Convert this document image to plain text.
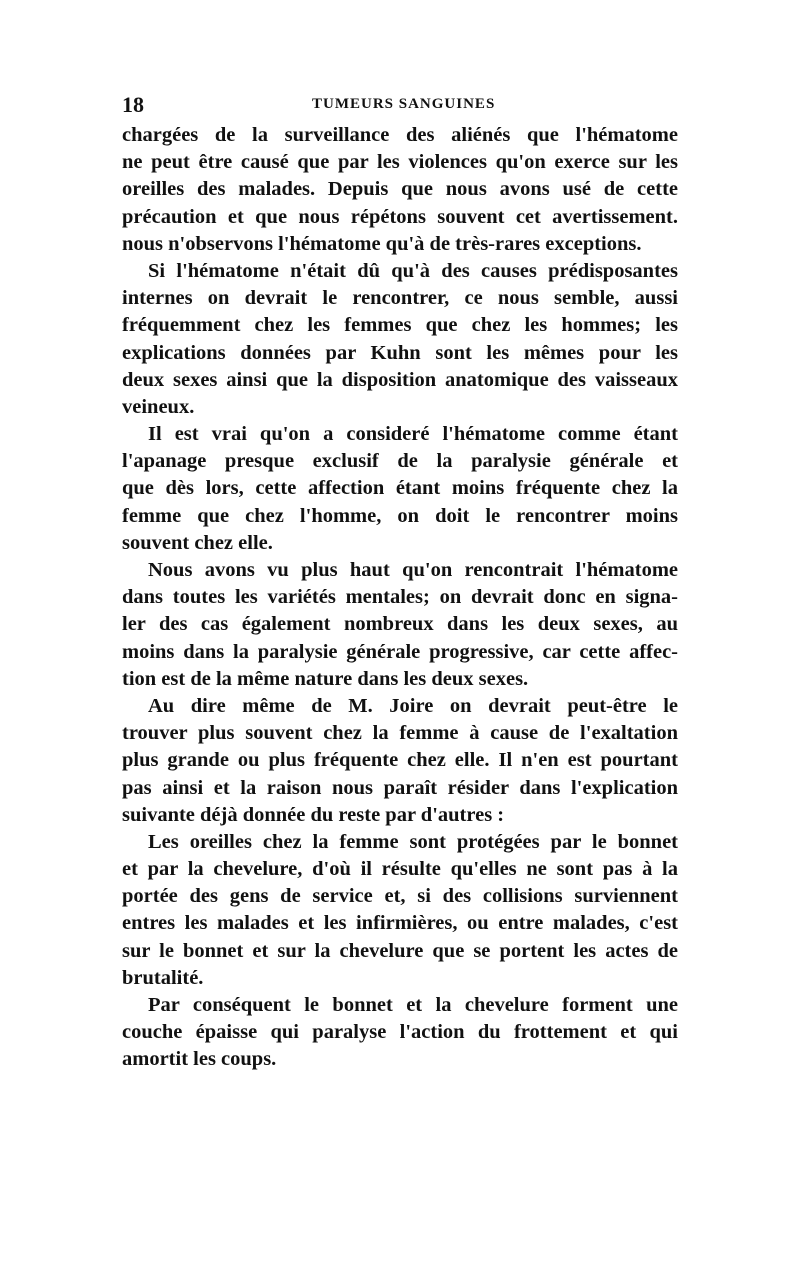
18	TUMEURS SANGUINES
chargées de la surveillance des aliénés que l'hématome
ne peut être causé que par les violences qu'on exerce sur les
oreilles des malades. Depuis que nous avons usé de cette
précaution et que nous répétons souvent cet avertissement.
nous n'observons l'hématome qu'à de très-rares exceptions.
Si l'hématome n'était dû qu'à des causes prédisposantes
internes on devrait le rencontrer, ce nous semble, aussi
fréquemment chez les femmes que chez les hommes; les
explications données par Kuhn sont les mêmes pour les
deux sexes ainsi que la disposition anatomique des vaisseaux
veineux.
Il est vrai qu'on a consideré l'hématome comme étant
l'apanage presque exclusif de la paralysie générale et
que dès lors, cette affection étant moins fréquente chez la
femme que chez l'homme, on doit le rencontrer moins
souvent chez elle.
Nous avons vu plus haut qu'on rencontrait l'hématome
dans toutes les variétés mentales; on devrait donc en signa-
ler des cas également nombreux dans les deux sexes, au
moins dans la paralysie générale progressive, car cette affec-
tion est de la même nature dans les deux sexes.
Au dire même de M. Joire on devrait peut-être le
trouver plus souvent chez la femme à cause de l'exaltation
plus grande ou plus fréquente chez elle. Il n'en est pourtant
pas ainsi et la raison nous paraît résider dans l'explication
suivante déjà donnée du reste par d'autres :
Les oreilles chez la femme sont protégées par le bonnet
et par la chevelure, d'où il résulte qu'elles ne sont pas à la
portée des gens de service et, si des collisions surviennent
entres les malades et les infirmières, ou entre malades, c'est
sur le bonnet et sur la chevelure que se portent les actes de
brutalité.
Par conséquent le bonnet et la chevelure forment une
couche épaisse qui paralyse l'action du frottement et qui
amortit les coups.
